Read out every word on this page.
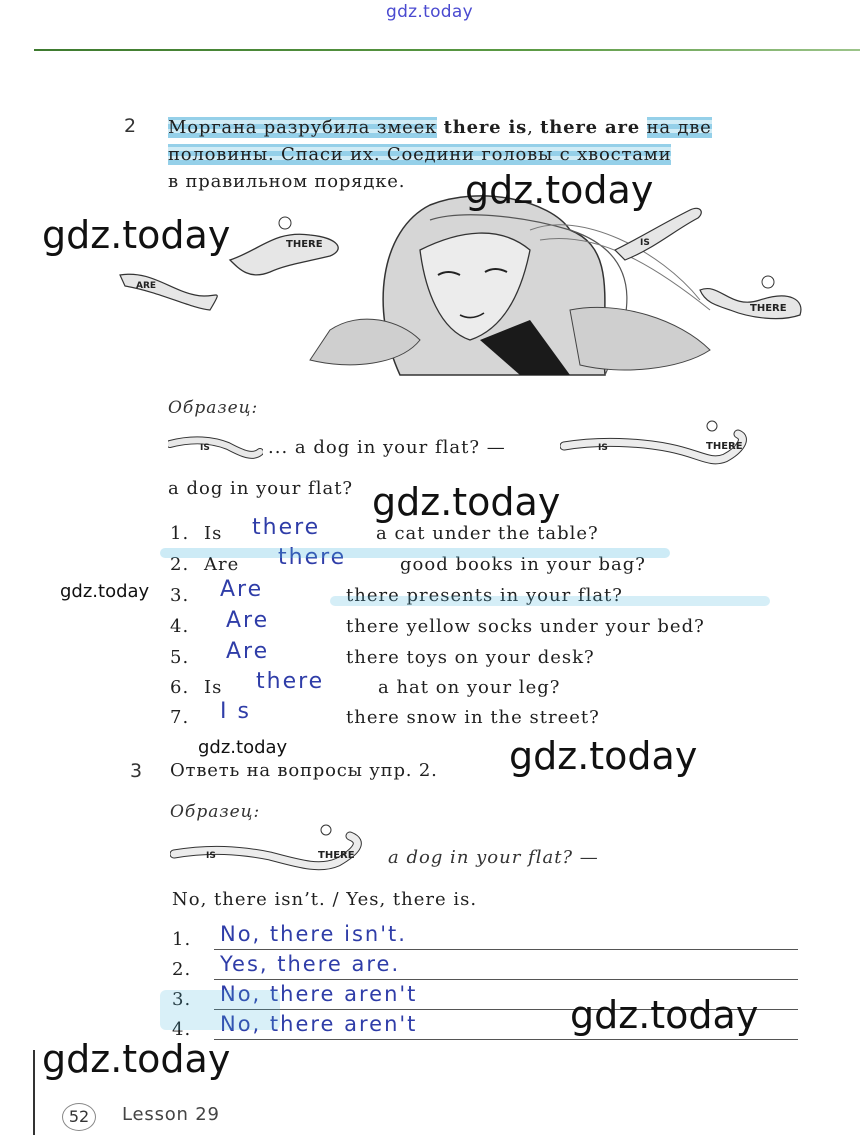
gdz.today
2 Моргана разрубила змеек there is, there are на две
половины. Спаси их. Соедини головы с хвостами
в правильном порядке.
THERE
ARE
IS
THERE
Образец:
IS	... a dog in your flat? —	IS	THERE
a dog in your flat?
1. Is there	a cat under the table?
2. Are there	good books in your bag?
3. Are	there presents in your flat?
4. Are	there yellow socks under your bed?
5. Are	there toys on your desk?
6. Is there	a hat on your leg?
7. I s	there snow in the street?
3 Ответь на вопросы упр. 2.
Образец:
IS	THERE a dog in your flat? —
No, there isn’t. / Yes, there is.
1. No, there isn't.
2. Yes, there are.
3. No, there aren't
4. No, there aren't
gdz.today
gdz.today
gdz.today
gdz.today
gdz.today	gdz.today
gdz.today
gdz.today
52	Lesson 29
